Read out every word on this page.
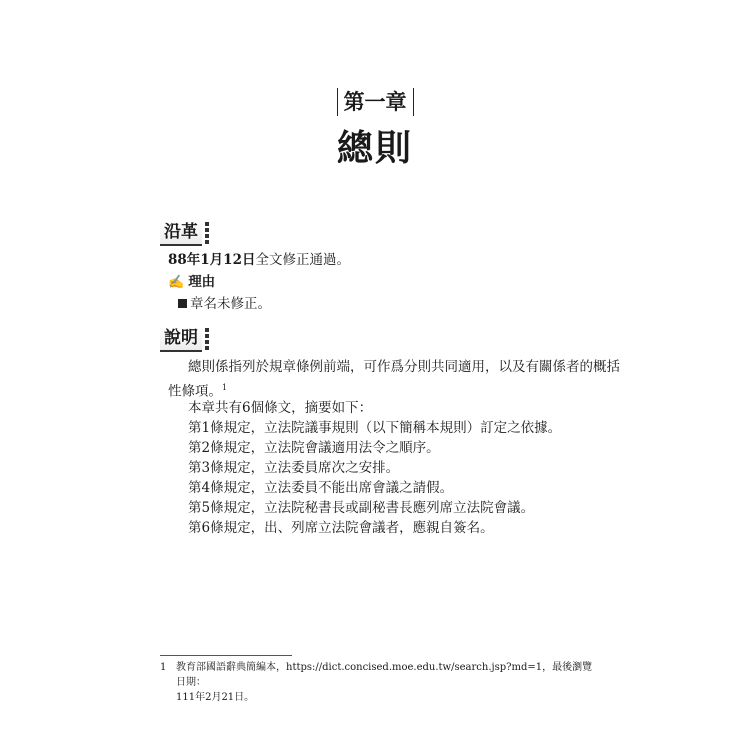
第一章
總則
沿革
88年1月12日全文修正通過。
✍ 理由
章名未修正。
說明
總則係指列於規章條例前端，可作爲分則共同適用，以及有關係者的概括
性條項。$^1$
本章共有6個條文，摘要如下：
第1條規定，立法院議事規則（以下簡稱本規則）訂定之依據。
第2條規定，立法院會議適用法令之順序。
第3條規定，立法委員席次之安排。
第4條規定，立法委員不能出席會議之請假。
第5條規定，立法院秘書長或副秘書長應列席立法院會議。
第6條規定，出、列席立法院會議者，應親自簽名。
1 教育部國語辭典簡編本，https://dict.concised.moe.edu.tw/search.jsp?md=1，最後瀏覽日期：
111年2月21日。
